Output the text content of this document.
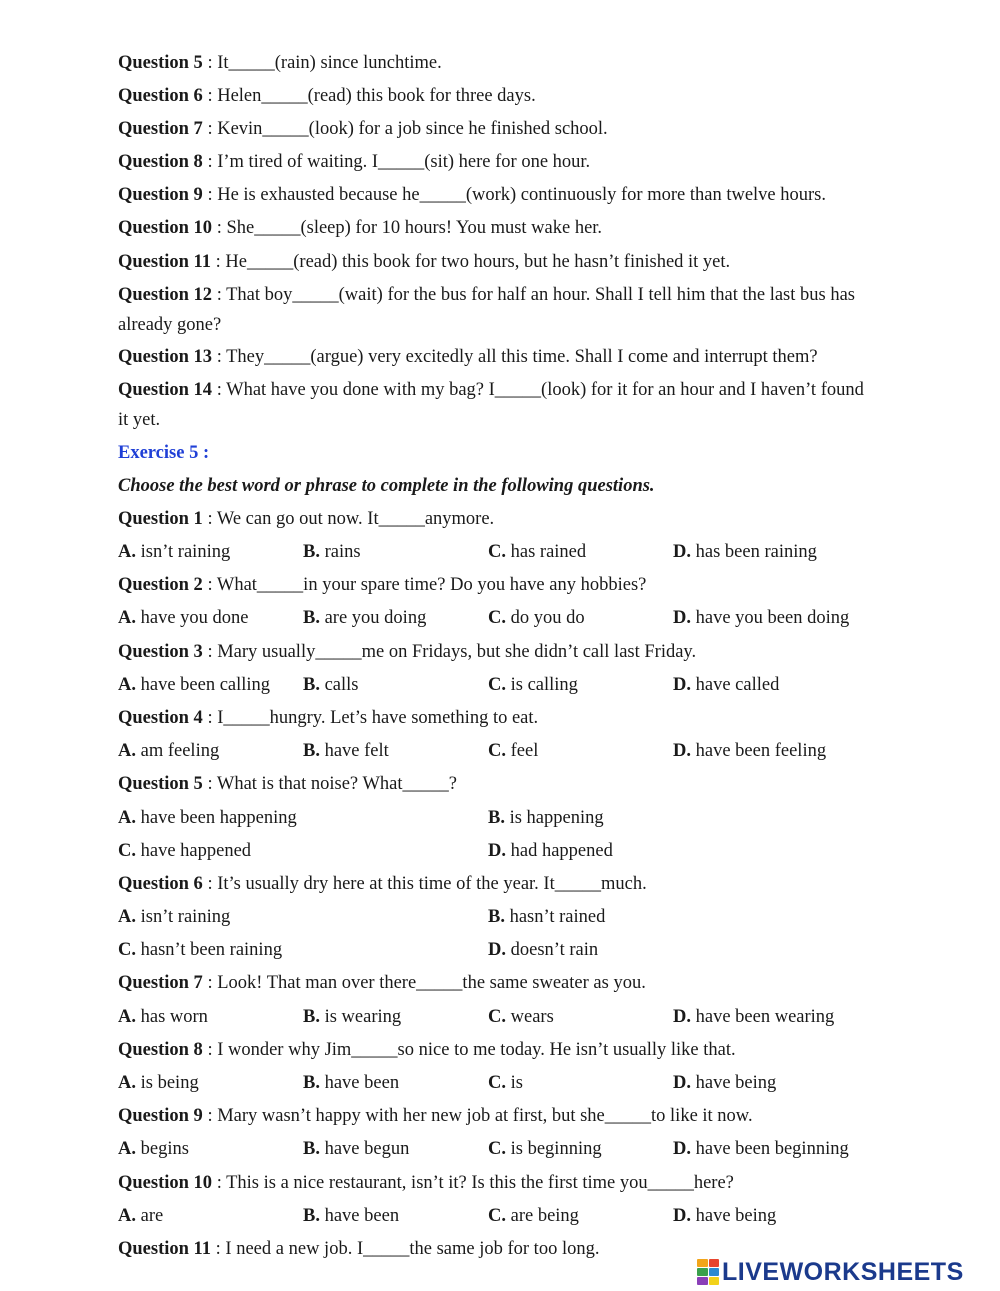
Question 5 : It_____(rain) since lunchtime.
Question 6 : Helen_____(read) this book for three days.
Question 7 : Kevin_____(look) for a job since he finished school.
Question 8 : I’m tired of waiting. I_____(sit) here for one hour.
Question 9 : He is exhausted because he_____(work) continuously for more than twelve hours.
Question 10 : She_____(sleep) for 10 hours! You must wake her.
Question 11 : He_____(read) this book for two hours, but he hasn’t finished it yet.
Question 12 : That boy_____(wait) for the bus for half an hour. Shall I tell him that the last bus has already gone?
Question 13 : They_____(argue) very excitedly all this time. Shall I come and interrupt them?
Question 14 : What have you done with my bag? I_____(look) for it for an hour and I haven’t found it yet.
Exercise 5 :
Choose the best word or phrase to complete in the following questions.
Question 1 : We can go out now. It_____anymore.
A. isn’t raining	B. rains	C. has rained	D. has been raining
Question 2 : What_____in your spare time? Do you have any hobbies?
A. have you done	B. are you doing	C. do you do	D. have you been doing
Question 3 : Mary usually_____me on Fridays, but she didn’t call last Friday.
A. have been calling B. calls	C. is calling	D. have called
Question 4 : I_____hungry. Let’s have something to eat.
A. am feeling	B. have felt	C. feel	D. have been feeling
Question 5 : What is that noise? What_____?
A. have been happening	B. is happening
C. have happened	D. had happened
Question 6 : It’s usually dry here at this time of the year. It_____much.
A. isn’t raining	B. hasn’t rained
C. hasn’t been raining	D. doesn’t rain
Question 7 : Look! That man over there_____the same sweater as you.
A. has worn	B. is wearing	C. wears	D. have been wearing
Question 8 : I wonder why Jim_____so nice to me today. He isn’t usually like that.
A. is being	B. have been	C. is	D. have being
Question 9 : Mary wasn’t happy with her new job at first, but she_____to like it now.
A. begins	B. have begun	C. is beginning	D. have been beginning
Question 10 : This is a nice restaurant, isn’t it? Is this the first time you_____here?
A. are	B. have been	C. are being	D. have being
Question 11 : I need a new job. I_____the same job for too long.
LIVEWORKSHEETS
